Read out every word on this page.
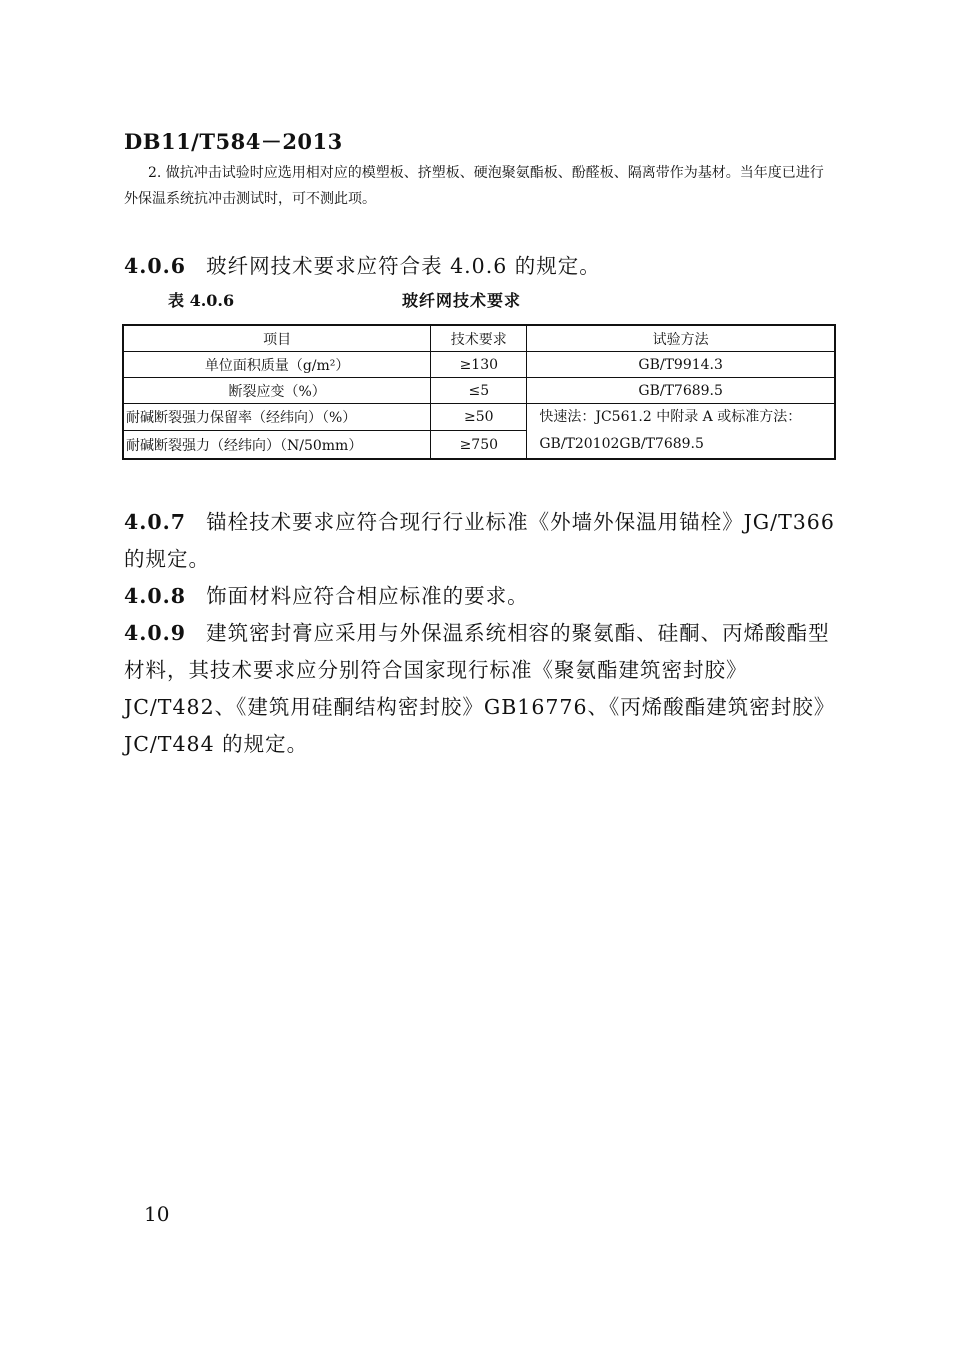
DB11/T584－2013
2. 做抗冲击试验时应选用相对应的模塑板、挤塑板、硬泡聚氨酯板、酚醛板、隔离带作为基材。当年度已进行外保温系统抗冲击测试时，可不测此项。
4.0.6 玻纤网技术要求应符合表 4.0.6 的规定。
表 4.0.6	玻纤网技术要求
项目	技术要求	试验方法
单位面积质量（g/m²）	≥130	GB/T9914.3
断裂应变（%）	≤5	GB/T7689.5
耐碱断裂强力保留率（经纬向）（%）	≥50	快速法：JC561.2 中附录 A 或标准方法：GB/T20102GB/T7689.5
耐碱断裂强力（经纬向）（N/50mm）	≥750	
4.0.7 锚栓技术要求应符合现行行业标准《外墙外保温用锚栓》JG/T366 的规定。
4.0.8 饰面材料应符合相应标准的要求。
4.0.9 建筑密封膏应采用与外保温系统相容的聚氨酯、硅酮、丙烯酸酯型材料，其技术要求应分别符合国家现行标准《聚氨酯建筑密封胶》JC/T482、《建筑用硅酮结构密封胶》GB16776、《丙烯酸酯建筑密封胶》JC/T484 的规定。
10
